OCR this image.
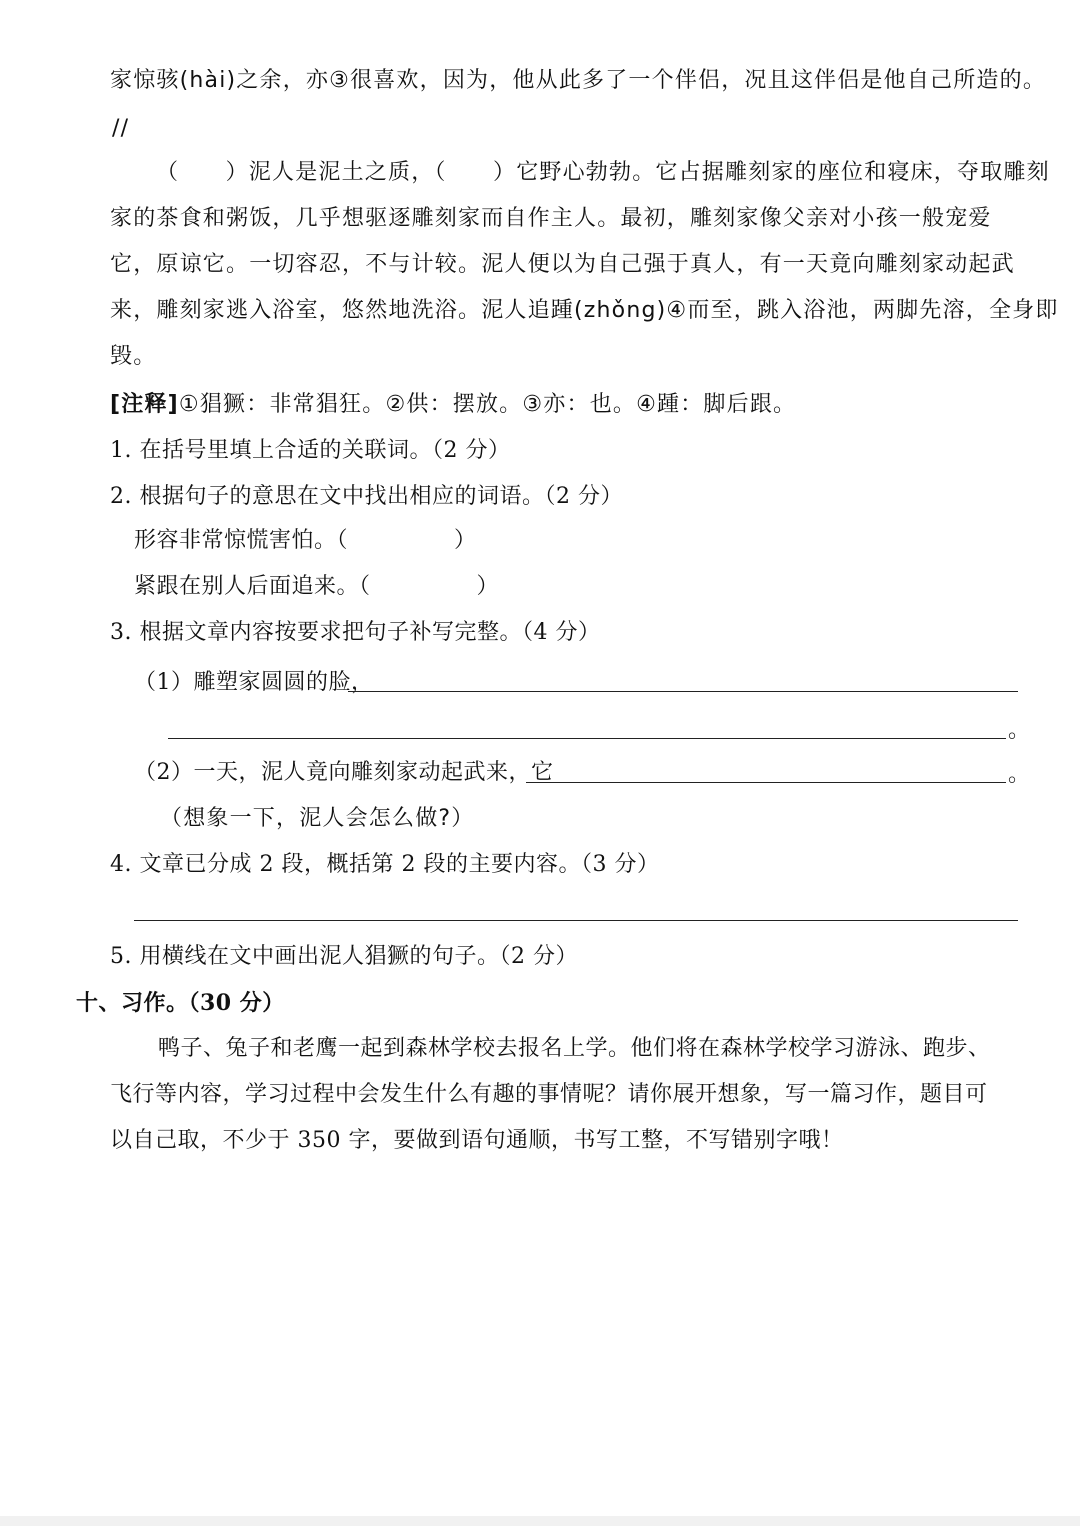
家惊骇(hài)之余，亦③很喜欢，因为，他从此多了一个伴侣，况且这伴侣是他自己所造的。
//
（　　）泥人是泥土之质，（　　）它野心勃勃。它占据雕刻家的座位和寝床，夺取雕刻
家的茶食和粥饭，几乎想驱逐雕刻家而自作主人。最初，雕刻家像父亲对小孩一般宠爱
它，原谅它。一切容忍，不与计较。泥人便以为自己强于真人，有一天竟向雕刻家动起武
来，雕刻家逃入浴室，悠然地洗浴。泥人追踵(zhǒng)④而至，跳入浴池，两脚先溶，全身即
毁。
[注释]①猖獗：非常猖狂。②供：摆放。③亦：也。④踵：脚后跟。
1. 在括号里填上合适的关联词。（2 分）
2. 根据句子的意思在文中找出相应的词语。（2 分）
形容非常惊慌害怕。（	）
紧跟在别人后面追来。（	）
3. 根据文章内容按要求把句子补写完整。（4 分）
（1）雕塑家圆圆的脸，
。
（2）一天，泥人竟向雕刻家动起武来，它	。
（想象一下，泥人会怎么做?）
4. 文章已分成 2 段，概括第 2 段的主要内容。（3 分）
5. 用横线在文中画出泥人猖獗的句子。（2 分）
十、习作。（30 分）
鸭子、兔子和老鹰一起到森林学校去报名上学。他们将在森林学校学习游泳、跑步、
飞行等内容，学习过程中会发生什么有趣的事情呢？请你展开想象，写一篇习作，题目可
以自己取，不少于 350 字，要做到语句通顺，书写工整，不写错别字哦！
